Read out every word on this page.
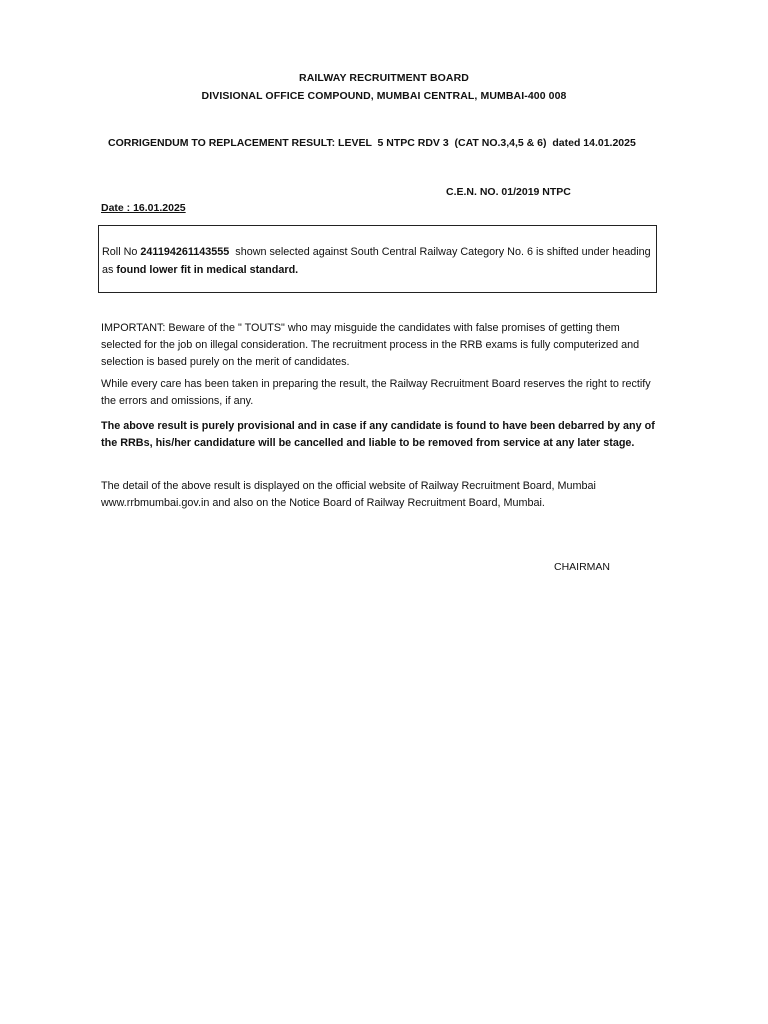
RAILWAY RECRUITMENT BOARD
DIVISIONAL OFFICE COMPOUND, MUMBAI CENTRAL, MUMBAI-400 008
CORRIGENDUM TO REPLACEMENT RESULT: LEVEL  5 NTPC RDV 3  (CAT NO.3,4,5 & 6)  dated 14.01.2025
C.E.N. NO. 01/2019 NTPC
Date : 16.01.2025
Roll No 241194261143555  shown selected against South Central Railway Category No. 6 is shifted under heading as found lower fit in medical standard.
IMPORTANT: Beware of the " TOUTS" who may misguide the candidates with false promises of getting them selected for the job on illegal consideration. The recruitment process in the RRB exams is fully computerized and selection is based purely on the merit of candidates.
While every care has been taken in preparing the result, the Railway Recruitment Board reserves the right to rectify the errors and omissions, if any.
The above result is purely provisional and in case if any candidate is found to have been debarred by any of the RRBs, his/her candidature will be cancelled and liable to be removed from service at any later stage.
The detail of the above result is displayed on the official website of Railway Recruitment Board, Mumbai www.rrbmumbai.gov.in and also on the Notice Board of Railway Recruitment Board, Mumbai.
CHAIRMAN
